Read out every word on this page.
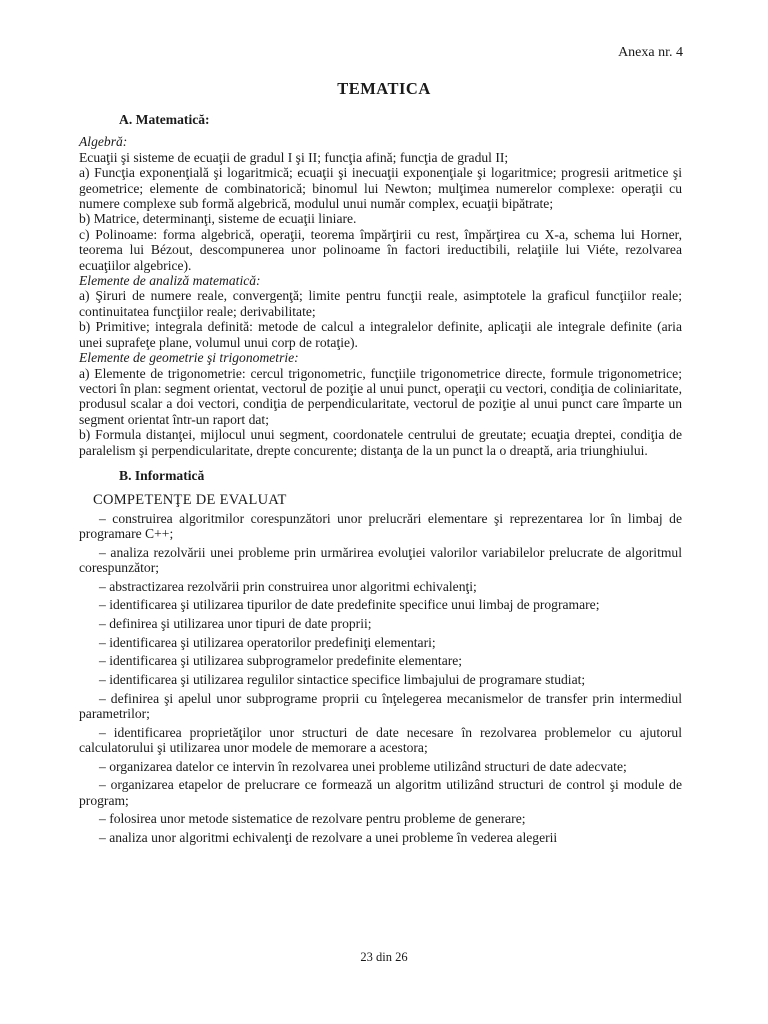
Anexa nr. 4
TEMATICA
A. Matematică:
Algebră:
Ecuaţii şi sisteme de ecuaţii de gradul I şi II; funcţia afină; funcţia de gradul II;
a) Funcţia exponenţială şi logaritmică; ecuaţii şi inecuaţii exponenţiale şi logaritmice; progresii aritmetice şi geometrice; elemente de combinatorică; binomul lui Newton; mulţimea numerelor complexe: operaţii cu numere complexe sub formă algebrică, modulul unui număr complex, ecuaţii bipătrate;
b) Matrice, determinanţi, sisteme de ecuaţii liniare.
c) Polinoame: forma algebrică, operaţii, teorema împărţirii cu rest, împărţirea cu X-a, schema lui Horner, teorema lui Bézout, descompunerea unor polinoame în factori ireductibili, relaţiile lui Viéte, rezolvarea ecuaţiilor algebrice).
Elemente de analiză matematică:
a) Şiruri de numere reale, convergenţă; limite pentru funcţii reale, asimptotele la graficul funcţiilor reale; continuitatea funcţiilor reale; derivabilitate;
b) Primitive; integrala definită: metode de calcul a integralelor definite, aplicaţii ale integrale definite (aria unei suprafeţe plane, volumul unui corp de rotaţie).
Elemente de geometrie şi trigonometrie:
a) Elemente de trigonometrie: cercul trigonometric, funcţiile trigonometrice directe, formule trigonometrice; vectori în plan: segment orientat, vectorul de poziţie al unui punct, operaţii cu vectori, condiţia de coliniaritate, produsul scalar a doi vectori, condiţia de perpendicularitate, vectorul de poziţie al unui punct care împarte un segment orientat într-un raport dat;
b) Formula distanţei, mijlocul unui segment, coordonatele centrului de greutate; ecuaţia dreptei, condiţia de paralelism şi perpendicularitate, drepte concurente; distanţa de la un punct la o dreaptă, aria triunghiului.
B. Informatică
COMPETENŢE DE EVALUAT
– construirea algoritmilor corespunzători unor prelucrări elementare şi reprezentarea lor în limbaj de programare C++;
– analiza rezolvării unei probleme prin urmărirea evoluţiei valorilor variabilelor prelucrate de algoritmul corespunzător;
– abstractizarea rezolvării prin construirea unor algoritmi echivalenţi;
– identificarea şi utilizarea tipurilor de date predefinite specifice unui limbaj de programare;
– definirea şi utilizarea unor tipuri de date proprii;
– identificarea şi utilizarea operatorilor predefiniţi elementari;
– identificarea şi utilizarea subprogramelor predefinite elementare;
– identificarea şi utilizarea regulilor sintactice specifice limbajului de programare studiat;
– definirea şi apelul unor subprograme proprii cu înţelegerea mecanismelor de transfer prin intermediul parametrilor;
– identificarea proprietăţilor unor structuri de date necesare în rezolvarea problemelor cu ajutorul calculatorului şi utilizarea unor modele de memorare a acestora;
– organizarea datelor ce intervin în rezolvarea unei probleme utilizând structuri de date adecvate;
– organizarea etapelor de prelucrare ce formează un algoritm utilizând structuri de control şi module de program;
– folosirea unor metode sistematice de rezolvare pentru probleme de generare;
– analiza unor algoritmi echivalenţi de rezolvare a unei probleme în vederea alegerii
23 din 26
